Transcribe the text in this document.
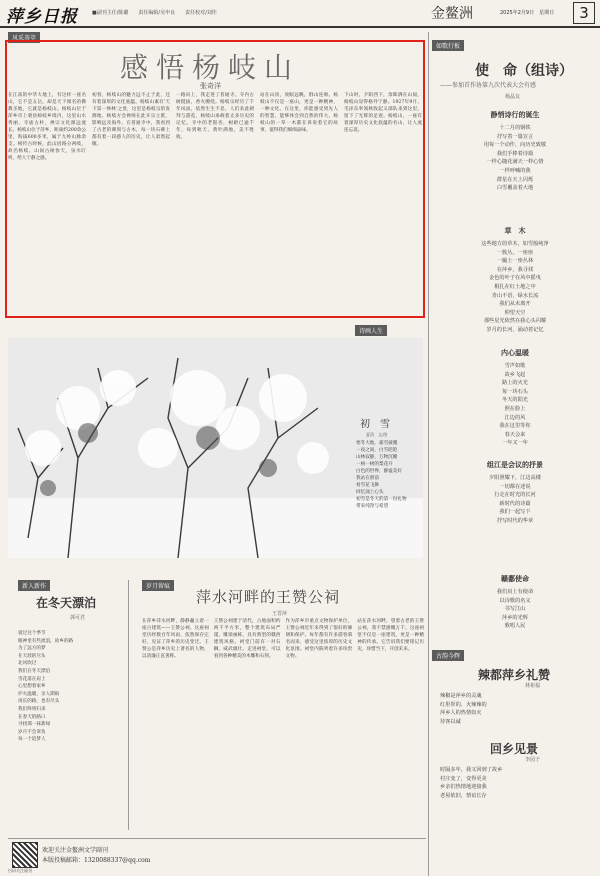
萍乡日报	■副刊主任/陈璐　　责任编辑/吴申良　　责任校对/刘佳	金鳌洲	2025年2月9日　星期日	3
风采荟萃
感悟杨岐山
张奇洋
在江南的中华大地上，有这样一座名山，它不是五岳，却是天下闻名的佛教圣地，它就是杨岐山。杨岐山位于萍乡市上栗县杨岐乡境内，这里山水秀丽，寺庙古朴，禅宗文化源远流长。杨岐山位于萍乡，距离约200余公里，海拔600多米，属于九岭山脉余支。相传古时候，此山因路分两岐，故名杨岐。山间古树参天，泉水叮咚，给人宁静之感。
初春，杨岐山的魅力远不止于此，还有着深厚的文化底蕴。杨岐山素有'天下第一禅林'之誉，这里是杨岐宗的发源地。杨岐方会禅师在此开宗立派，影响远及海外。在普通寺中，我看到了古老的碑刻与古木，每一块石碑上都有着一段感人的历史，让人肃然起敬。
一路向上，我走进了普通寺。寺内古树挺拔，香火缭绕。杨岐宗经历了千年风雨，依然生生不息，人们来此朝拜与游览，杨岐山承载着太多历史的记忆。寺中的老银杏，树龄已逾千年，每到秋天，黄叶满地，美不胜收。
站在山顶，放眼远眺，群山连绵。杨岐山不仅是一座山，更是一种精神，一种文化。在这里，你能感受到先人的智慧，能够体会到自然的伟大。杨岐山的一草一木都在诉说着它的故事，值得我们细细品味。
下山时，夕阳西下，余晖洒在山间，杨岐山显得格外宁静。1927年9月，毛泽东率领秋收起义部队来到这里，留下了光辉的足迹。杨岐山，一座有着深厚历史文化底蕴的名山，让人流连忘返。
如歌行板
使　命（组诗）
——参加首作协第九次代表大会有感
杨晶友
静悄诗行的诞生
十二月的钢铁
抒写着一篇宣言
用每一个动作，向历史致敬
我们手捧着诗篇
一样心随花满天一样心情
一样呼喊的我
群星在天上闪烁
白雪覆盖着大地
草　木
这些地方的草木，如雪般纯净
一簇丛，一座座
一撮土一座丛林
在萍乡，我寻找
金色的叶子在风中摇曳
根扎在红土地之中
青山不语，绿水长流
我们从未离开
仰望天空
那些星光依然在我心头闪耀
岁月的长河，涌动着记忆
内心温暖
雪声如歌
故乡飞起
路上的火光
每一块石头
冬天的阳光
照在脸上
江边的风
我在这里等你
春天会来
一年又一年
组江是会议的抒景
夕阳照耀下，江边高楼
一切都在述说
行走在时光的长河
新时代的诗篇
我们一起写下
抒写时代的华章
赣鄱使命
我们肩上有使命
以诗歌的名义
书写江山
萍乡的光辉
歌唱人民
古韵今辉
辣都萍乡礼赞
林祖福
辣椒是萍乡的灵魂
红彤彤的，火辣辣的
萍乡人的热情如火
待客以诚
回乡见景
李园子
时隔多年，我又回到了故乡
村庄变了，变得更美
乡亲们热情地迎接我
老屋依旧，情谊长存
诗画人生
初　雪
夏清　文/图
寒冬大地，霜雪披覆
一夜之间，白雪皑皑
山林寂静，万物沉睡
一树一树的梨花开
白色的世界，静谧美好
我站在窗前
看雪花飞舞
回忆涌上心头
初雪是冬天的第一份礼物
带来纯净与希望
新人新作
在冬天漂泊
郭可君
爱过这个季节
眼神里有些流浪，故乡的路
为了远方的梦
在天涯的尽头
北风吹过
我们在冬天漂泊
雪花落在肩上
心里想着家乡
炉火温暖，亲人期盼
再长的路，也有尽头
我们终将归来
在春天的路口
寻找那一抹新绿
岁月不会辜负
每一个追梦人
岁月留痕
萍水河畔的王赞公祠
王晋萍
在萍乡萍水河畔，静静矗立着一座古建筑——王赞公祠。这座祠堂历经数百年风雨，依然保存完好，见证了萍乡的历史变迁。王赞公是萍乡历史上著名的人物，以清廉正直著称。
王赞公祠建于清代，占地面积约两千平方米，整个建筑布局严谨，雕梁画栋，具有典型的赣西建筑风格。祠堂门前有一对石狮，威武雄壮。走进祠堂，可以看到各种精美的木雕和石刻。
作为萍乡市重点文物保护单位，王赞公祠近年来得到了很好的修缮和保护。每年都有许多游客慕名而来，感受这里浓厚的历史文化氛围。祠堂内陈列着许多珍贵文物。
站在萍水河畔，望着古老的王赞公祠，我不禁感慨万千。这座祠堂不仅是一座建筑，更是一种精神的传承。它告诉我们要铭记历史，珍惜当下，开创未来。
扫码关注副刊
欢迎关注金鳌洲文学副刊
本版投稿邮箱：1320088337@qq.com
